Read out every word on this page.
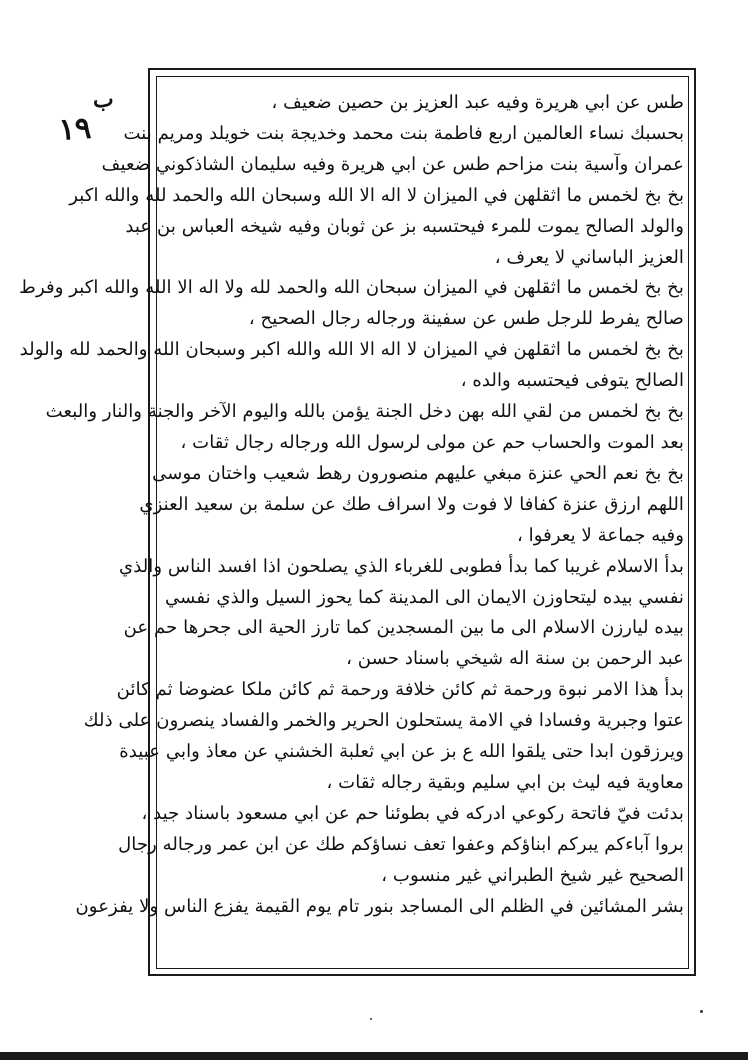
ب
١٩
طس عن ابي هريرة وفيه عبد العزيز بن حصين ضعيف ،
بحسبك نساء العالمين اربع فاطمة بنت محمد وخديجة بنت خويلد ومريم بنت
عمران وآسية بنت مزاحم طس عن ابي هريرة وفيه سليمان الشاذكوني ضعيف
بخ بخ لخمس ما اثقلهن في الميزان لا اله الا الله وسبحان الله والحمد لله والله اكبر
والولد الصالح يموت للمرء فيحتسبه بز عن ثوبان وفيه شيخه العباس بن عبد
العزيز الباساني لا يعرف ،
بخ بخ لخمس ما اثقلهن في الميزان سبحان الله والحمد لله ولا اله الا الله والله اكبر وفرط
صالح يفرط للرجل طس عن سفينة ورجاله رجال الصحيح ،
بخ بخ لخمس ما اثقلهن في الميزان لا اله الا الله والله اكبر وسبحان الله والحمد لله والولد
الصالح يتوفى فيحتسبه والده ،
بخ بخ لخمس من لقي الله بهن دخل الجنة يؤمن بالله واليوم الآخر والجنة والنار والبعث
بعد الموت والحساب حم عن مولى لرسول الله ورجاله رجال ثقات ،
بخ بخ نعم الحي عنزة مبغي عليهم منصورون رهط شعيب واختان موسى
اللهم ارزق عنزة كفافا لا فوت ولا اسراف طك عن سلمة بن سعيد العنزي
وفيه جماعة لا يعرفوا ،
بدأ الاسلام غريبا كما بدأ فطوبى للغرباء الذي يصلحون اذا افسد الناس والذي
نفسي بيده ليتحاوزن الايمان الى المدينة كما يحوز السيل والذي نفسي
بيده ليارزن الاسلام الى ما بين المسجدين كما تارز الحية الى جحرها حم عن
عبد الرحمن بن سنة اله شيخي باسناد حسن ،
بدأ هذا الامر نبوة ورحمة ثم كائن خلافة ورحمة ثم كائن ملكا عضوضا ثم كائن
عتوا وجبرية وفسادا في الامة يستحلون الحرير والخمر والفساد ينصرون على ذلك
ويرزقون ابدا حتى يلقوا الله ع بز عن ابي ثعلبة الخشني عن معاذ وابي عبيدة
معاوية فيه ليث بن ابي سليم وبقية رجاله ثقات ،
بدئت فيّ فاتحة ركوعي ادركه في بطوئنا حم عن ابي مسعود باسناد جيد ،
بروا آباءكم يبركم ابناؤكم وعفوا تعف نساؤكم طك عن ابن عمر ورجاله رجال
الصحيح غير شيخ الطبراني غير منسوب ،
بشر المشائين في الظلم الى المساجد بنور تام يوم القيمة يفزع الناس ولا يفزعون
